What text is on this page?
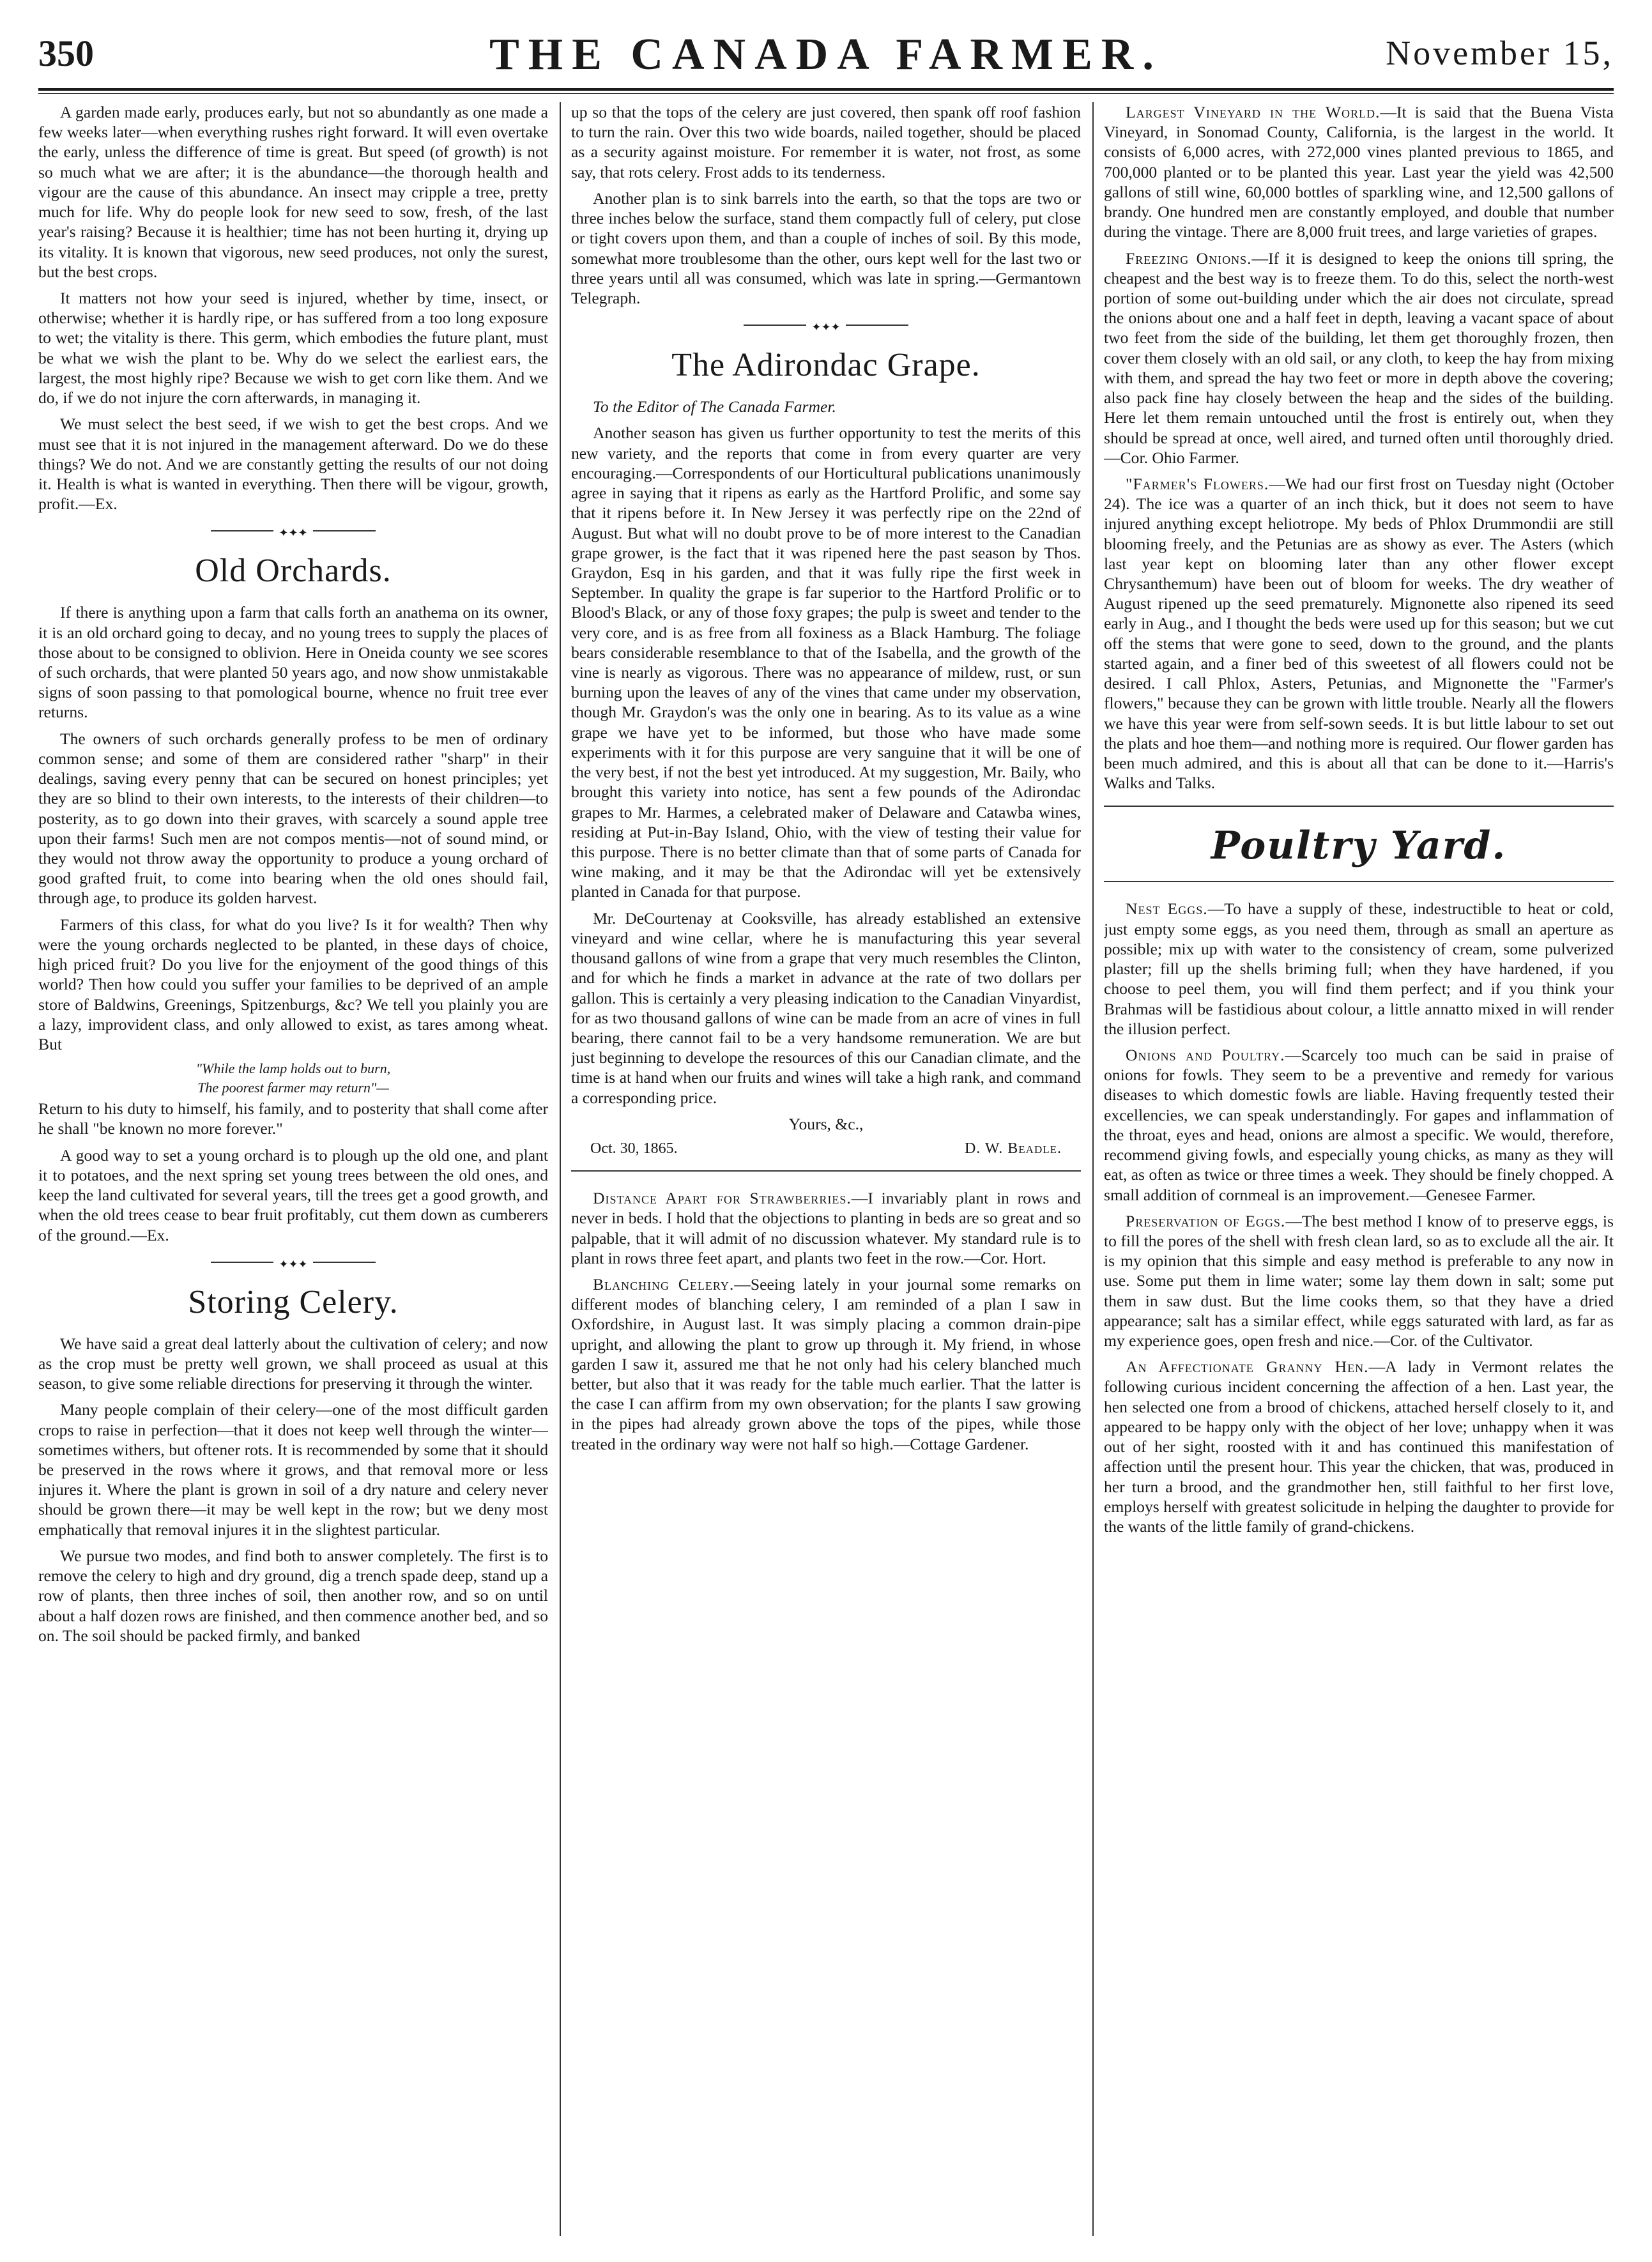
350	THE CANADA FARMER.	November 15,

A garden made early, produces early, but not so abundantly as one made a few weeks later—when everything rushes right forward. It will even overtake the early, unless the difference of time is great. But speed (of growth) is not so much what we are after; it is the abundance—the thorough health and vigour are the cause of this abundance. An insect may cripple a tree, pretty much for life. Why do people look for new seed to sow, fresh, of the last year's raising? Because it is healthier; time has not been hurting it, drying up its vitality. It is known that vigorous, new seed produces, not only the surest, but the best crops.

It matters not how your seed is injured, whether by time, insect, or otherwise; whether it is hardly ripe, or has suffered from a too long exposure to wet; the vitality is there. This germ, which embodies the future plant, must be what we wish the plant to be. Why do we select the earliest ears, the largest, the most highly ripe? Because we wish to get corn like them. And we do, if we do not injure the corn afterwards, in managing it.

We must select the best seed, if we wish to get the best crops. And we must see that it is not injured in the management afterward. Do we do these things? We do not. And we are constantly getting the results of our not doing it. Health is what is wanted in everything. Then there will be vigour, growth, profit.—Ex.

✦✦✦
Old Orchards.

If there is anything upon a farm that calls forth an anathema on its owner, it is an old orchard going to decay, and no young trees to supply the places of those about to be consigned to oblivion. Here in Oneida county we see scores of such orchards, that were planted 50 years ago, and now show unmistakable signs of soon passing to that pomological bourne, whence no fruit tree ever returns.

The owners of such orchards generally profess to be men of ordinary common sense; and some of them are considered rather "sharp" in their dealings, saving every penny that can be secured on honest principles; yet they are so blind to their own interests, to the interests of their children—to posterity, as to go down into their graves, with scarcely a sound apple tree upon their farms! Such men are not compos mentis—not of sound mind, or they would not throw away the opportunity to produce a young orchard of good grafted fruit, to come into bearing when the old ones should fail, through age, to produce its golden harvest.

Farmers of this class, for what do you live? Is it for wealth? Then why were the young orchards neglected to be planted, in these days of choice, high priced fruit? Do you live for the enjoyment of the good things of this world? Then how could you suffer your families to be deprived of an ample store of Baldwins, Greenings, Spitzenburgs, &c? We tell you plainly you are a lazy, improvident class, and only allowed to exist, as tares among wheat. But

"While the lamp holds out to burn,
The poorest farmer may return"—

Return to his duty to himself, his family, and to posterity that shall come after he shall "be known no more forever."

A good way to set a young orchard is to plough up the old one, and plant it to potatoes, and the next spring set young trees between the old ones, and keep the land cultivated for several years, till the trees get a good growth, and when the old trees cease to bear fruit profitably, cut them down as cumberers of the ground.—Ex.

✦✦✦
Storing Celery.

We have said a great deal latterly about the cultivation of celery; and now as the crop must be pretty well grown, we shall proceed as usual at this season, to give some reliable directions for preserving it through the winter.

Many people complain of their celery—one of the most difficult garden crops to raise in perfection—that it does not keep well through the winter—sometimes withers, but oftener rots. It is recommended by some that it should be preserved in the rows where it grows, and that removal more or less injures it. Where the plant is grown in soil of a dry nature and celery never should be grown there—it may be well kept in the row; but we deny most emphatically that removal injures it in the slightest particular.

We pursue two modes, and find both to answer completely. The first is to remove the celery to high and dry ground, dig a trench spade deep, stand up a row of plants, then three inches of soil, then another row, and so on until about a half dozen rows are finished, and then commence another bed, and so on. The soil should be packed firmly, and banked

up so that the tops of the celery are just covered, then spank off roof fashion to turn the rain. Over this two wide boards, nailed together, should be placed as a security against moisture. For remember it is water, not frost, as some say, that rots celery. Frost adds to its tenderness.

Another plan is to sink barrels into the earth, so that the tops are two or three inches below the surface, stand them compactly full of celery, put close or tight covers upon them, and than a couple of inches of soil. By this mode, somewhat more troublesome than the other, ours kept well for the last two or three years until all was consumed, which was late in spring.—Germantown Telegraph.

✦✦✦
The Adirondac Grape.

To the Editor of The Canada Farmer.

Another season has given us further opportunity to test the merits of this new variety, and the reports that come in from every quarter are very encouraging.—Correspondents of our Horticultural publications unanimously agree in saying that it ripens as early as the Hartford Prolific, and some say that it ripens before it. In New Jersey it was perfectly ripe on the 22nd of August. But what will no doubt prove to be of more interest to the Canadian grape grower, is the fact that it was ripened here the past season by Thos. Graydon, Esq in his garden, and that it was fully ripe the first week in September. In quality the grape is far superior to the Hartford Prolific or to Blood's Black, or any of those foxy grapes; the pulp is sweet and tender to the very core, and is as free from all foxiness as a Black Hamburg. The foliage bears considerable resemblance to that of the Isabella, and the growth of the vine is nearly as vigorous. There was no appearance of mildew, rust, or sun burning upon the leaves of any of the vines that came under my observation, though Mr. Graydon's was the only one in bearing. As to its value as a wine grape we have yet to be informed, but those who have made some experiments with it for this purpose are very sanguine that it will be one of the very best, if not the best yet introduced. At my suggestion, Mr. Baily, who brought this variety into notice, has sent a few pounds of the Adirondac grapes to Mr. Harmes, a celebrated maker of Delaware and Catawba wines, residing at Put-in-Bay Island, Ohio, with the view of testing their value for this purpose. There is no better climate than that of some parts of Canada for wine making, and it may be that the Adirondac will yet be extensively planted in Canada for that purpose.

Mr. DeCourtenay at Cooksville, has already established an extensive vineyard and wine cellar, where he is manufacturing this year several thousand gallons of wine from a grape that very much resembles the Clinton, and for which he finds a market in advance at the rate of two dollars per gallon. This is certainly a very pleasing indication to the Canadian Vinyardist, for as two thousand gallons of wine can be made from an acre of vines in full bearing, there cannot fail to be a very handsome remuneration. We are but just beginning to develope the resources of this our Canadian climate, and the time is at hand when our fruits and wines will take a high rank, and command a corresponding price.

Yours, &c.,

Oct. 30, 1865.	D. W. Beadle.

Distance Apart for Strawberries.—I invariably plant in rows and never in beds. I hold that the objections to planting in beds are so great and so palpable, that it will admit of no discussion whatever. My standard rule is to plant in rows three feet apart, and plants two feet in the row.—Cor. Hort.

Blanching Celery.—Seeing lately in your journal some remarks on different modes of blanching celery, I am reminded of a plan I saw in Oxfordshire, in August last. It was simply placing a common drain-pipe upright, and allowing the plant to grow up through it. My friend, in whose garden I saw it, assured me that he not only had his celery blanched much better, but also that it was ready for the table much earlier. That the latter is the case I can affirm from my own observation; for the plants I saw growing in the pipes had already grown above the tops of the pipes, while those treated in the ordinary way were not half so high.—Cottage Gardener.

Largest Vineyard in the World.—It is said that the Buena Vista Vineyard, in Sonomad County, California, is the largest in the world. It consists of 6,000 acres, with 272,000 vines planted previous to 1865, and 700,000 planted or to be planted this year. Last year the yield was 42,500 gallons of still wine, 60,000 bottles of sparkling wine, and 12,500 gallons of brandy. One hundred men are constantly employed, and double that number during the vintage. There are 8,000 fruit trees, and large varieties of grapes.

Freezing Onions.—If it is designed to keep the onions till spring, the cheapest and the best way is to freeze them. To do this, select the north-west portion of some out-building under which the air does not circulate, spread the onions about one and a half feet in depth, leaving a vacant space of about two feet from the side of the building, let them get thoroughly frozen, then cover them closely with an old sail, or any cloth, to keep the hay from mixing with them, and spread the hay two feet or more in depth above the covering; also pack fine hay closely between the heap and the sides of the building. Here let them remain untouched until the frost is entirely out, when they should be spread at once, well aired, and turned often until thoroughly dried.—Cor. Ohio Farmer.

"Farmer's Flowers.—We had our first frost on Tuesday night (October 24). The ice was a quarter of an inch thick, but it does not seem to have injured anything except heliotrope. My beds of Phlox Drummondii are still blooming freely, and the Petunias are as showy as ever. The Asters (which last year kept on blooming later than any other flower except Chrysanthemum) have been out of bloom for weeks. The dry weather of August ripened up the seed prematurely. Mignonette also ripened its seed early in Aug., and I thought the beds were used up for this season; but we cut off the stems that were gone to seed, down to the ground, and the plants started again, and a finer bed of this sweetest of all flowers could not be desired. I call Phlox, Asters, Petunias, and Mignonette the "Farmer's flowers," because they can be grown with little trouble. Nearly all the flowers we have this year were from self-sown seeds. It is but little labour to set out the plats and hoe them—and nothing more is required. Our flower garden has been much admired, and this is about all that can be done to it.—Harris's Walks and Talks.

Poultry Yard.

Nest Eggs.—To have a supply of these, indestructible to heat or cold, just empty some eggs, as you need them, through as small an aperture as possible; mix up with water to the consistency of cream, some pulverized plaster; fill up the shells briming full; when they have hardened, if you choose to peel them, you will find them perfect; and if you think your Brahmas will be fastidious about colour, a little annatto mixed in will render the illusion perfect.

Onions and Poultry.—Scarcely too much can be said in praise of onions for fowls. They seem to be a preventive and remedy for various diseases to which domestic fowls are liable. Having frequently tested their excellencies, we can speak understandingly. For gapes and inflammation of the throat, eyes and head, onions are almost a specific. We would, therefore, recommend giving fowls, and especially young chicks, as many as they will eat, as often as twice or three times a week. They should be finely chopped. A small addition of cornmeal is an improvement.—Genesee Farmer.

Preservation of Eggs.—The best method I know of to preserve eggs, is to fill the pores of the shell with fresh clean lard, so as to exclude all the air. It is my opinion that this simple and easy method is preferable to any now in use. Some put them in lime water; some lay them down in salt; some put them in saw dust. But the lime cooks them, so that they have a dried appearance; salt has a similar effect, while eggs saturated with lard, as far as my experience goes, open fresh and nice.—Cor. of the Cultivator.

An Affectionate Granny Hen.—A lady in Vermont relates the following curious incident concerning the affection of a hen. Last year, the hen selected one from a brood of chickens, attached herself closely to it, and appeared to be happy only with the object of her love; unhappy when it was out of her sight, roosted with it and has continued this manifestation of affection until the present hour. This year the chicken, that was, produced in her turn a brood, and the grandmother hen, still faithful to her first love, employs herself with greatest solicitude in helping the daughter to provide for the wants of the little family of grand-chickens.
